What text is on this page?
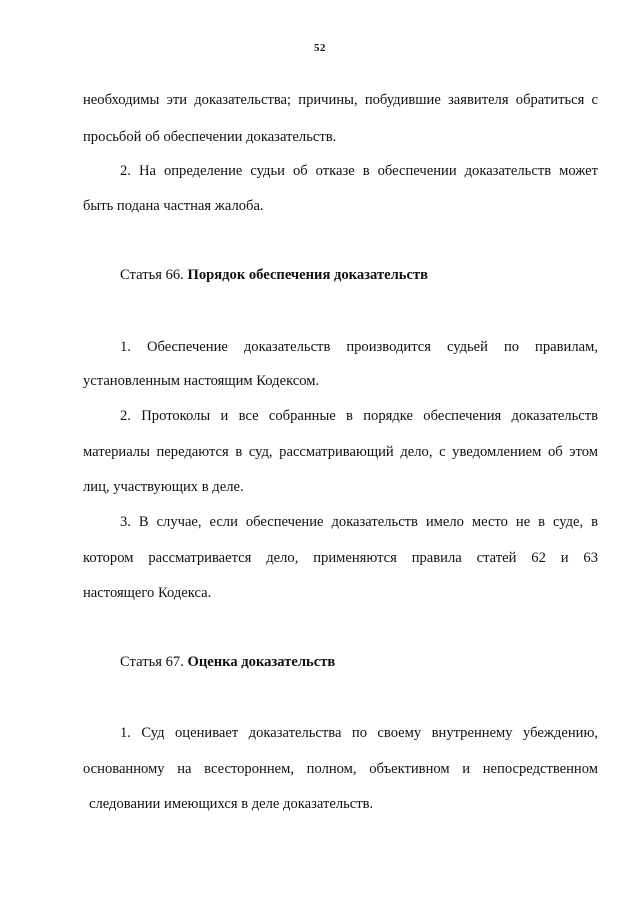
52
необходимы эти доказательства; причины, побудившие заявителя обратиться с
просьбой об обеспечении доказательств.
2. На определение судьи об отказе в обеспечении доказательств может
быть подана частная жалоба.
Статья 66. Порядок обеспечения доказательств
1. Обеспечение доказательств производится судьей по правилам,
установленным настоящим Кодексом.
2. Протоколы и все собранные в порядке обеспечения доказательств
материалы передаются в суд, рассматривающий дело, с уведомлением об этом
лиц, участвующих в деле.
3. В случае, если обеспечение доказательств имело место не в суде, в
котором рассматривается дело, применяются правила статей 62 и 63
настоящего Кодекса.
Статья 67. Оценка доказательств
1. Суд оценивает доказательства по своему внутреннему убеждению,
основанному на всестороннем, полном, объективном и непосредственном
следовании имеющихся в деле доказательств.
